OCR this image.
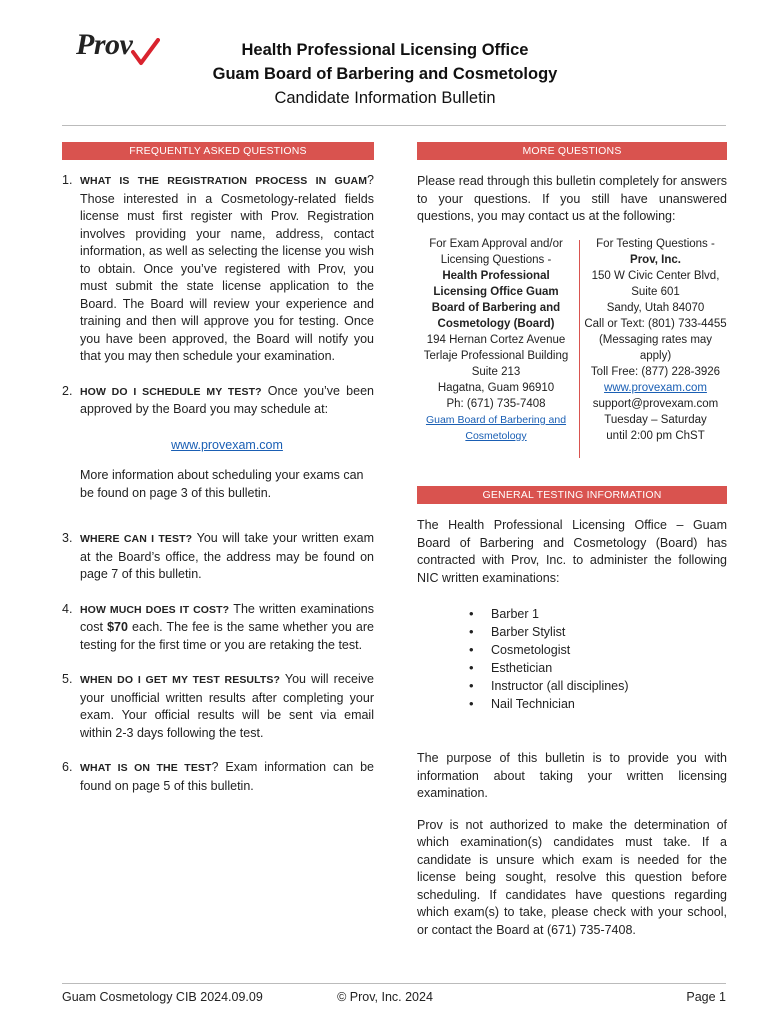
Prov	Health Professional Licensing Office
Guam Board of Barbering and Cosmetology
Candidate Information Bulletin
FREQUENTLY ASKED QUESTIONS	MORE QUESTIONS
GENERAL TESTING INFORMATION
1. WHAT IS THE REGISTRATION PROCESS IN GUAM? Those interested in a Cosmetology-related fields license must first register with Prov. Registration involves providing your name, address, contact information, as well as selecting the license you wish to obtain. Once you’ve registered with Prov, you must submit the state license application to the Board. The Board will review your experience and training and then will approve you for testing. Once you have been approved, the Board will notify you that you may then schedule your examination.
2. HOW DO I SCHEDULE MY TEST? Once you’ve been approved by the Board you may schedule at:
www.provexam.com
More information about scheduling your exams can be found on page 3 of this bulletin.
3. WHERE CAN I TEST? You will take your written exam at the Board’s office, the address may be found on page 7 of this bulletin.
4. HOW MUCH DOES IT COST? The written examinations cost $70 each. The fee is the same whether you are testing for the first time or you are retaking the test.
5. WHEN DO I GET MY TEST RESULTS? You will receive your unofficial written results after completing your exam. Your official results will be sent via email within 2-3 days following the test.
6. WHAT IS ON THE TEST? Exam information can be found on page 5 of this bulletin.
Please read through this bulletin completely for answers to your questions. If you still have unanswered questions, you may contact us at the following:
For Exam Approval and/or Licensing Questions -
Health Professional Licensing Office Guam Board of Barbering and Cosmetology (Board)
194 Hernan Cortez Avenue
Terlaje Professional Building
Suite 213
Hagatna, Guam 96910
Ph: (671) 735-7408
Guam Board of Barbering and Cosmetology
For Testing Questions -
Prov, Inc.
150 W Civic Center Blvd,
Suite 601
Sandy, Utah 84070
Call or Text: (801) 733-4455
(Messaging rates may apply)
Toll Free: (877) 228-3926
www.provexam.com
support@provexam.com
Tuesday – Saturday
until 2:00 pm ChST
The Health Professional Licensing Office – Guam Board of Barbering and Cosmetology (Board) has contracted with Prov, Inc. to administer the following NIC written examinations:
• Barber 1
• Barber Stylist
• Cosmetologist
• Esthetician
• Instructor (all disciplines)
• Nail Technician
The purpose of this bulletin is to provide you with information about taking your written licensing examination.
Prov is not authorized to make the determination of which examination(s) candidates must take. If a candidate is unsure which exam is needed for the license being sought, resolve this question before scheduling. If candidates have questions regarding which exam(s) to take, please check with your school, or contact the Board at (671) 735-7408.
Guam Cosmetology CIB 2024.09.09	© Prov, Inc. 2024	Page 1
